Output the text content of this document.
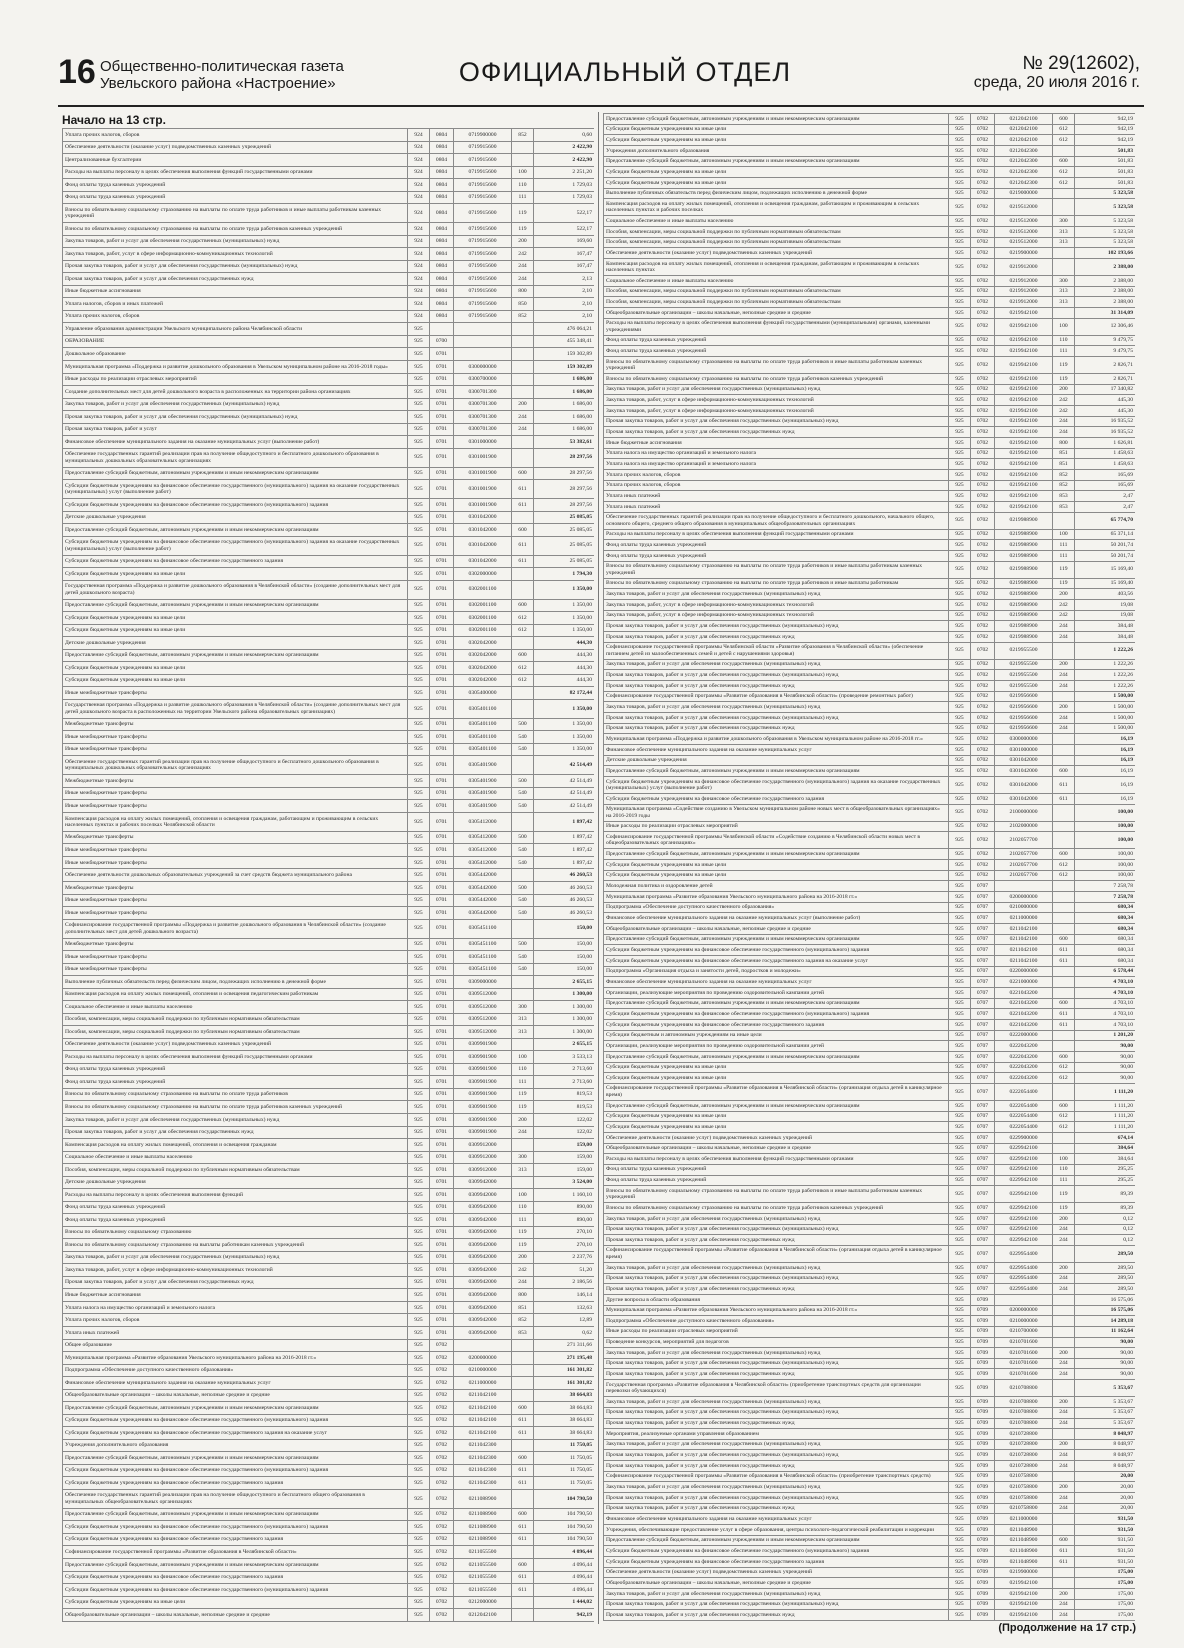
16 Общественно-политическая газета
Увельского района «Настроение»	ОФИЦИАЛЬНЫЙ ОТДЕЛ	№ 29(12602),
среда, 20 июля 2016 г.
Начало на 13 стр.
Уплата прочих налогов, сборов	924	0804	0719900000	852	0,60
Обеспечение деятельности (оказание услуг) подведомственных казенных учреждений	924	0804	0719915600		2 422,90
Централизованные бухгалтерии	924	0804	0719915600		2 422,90
Расходы на выплаты персоналу в целях обеспечения выполнения функций государственными органами	924	0804	0719915600	100	2 251,20
Фонд оплаты труда казенных учреждений	924	0804	0719915600	110	1 729,03
Фонд оплаты труда казенных учреждений	924	0804	0719915600	111	1 729,03
Взносы по обязательному социальному страхованию на выплаты по оплате труда работников и иные выплаты работникам казенных учреждений	924	0804	0719915600	119	522,17
Взносы по обязательному социальному страхованию на выплаты по оплате труда работников казенных учреждений	924	0804	0719915600	119	522,17
Закупка товаров, работ и услуг для обеспечения государственных (муниципальных) нужд	924	0804	0719915600	200	169,60
Закупка товаров, работ, услуг в сфере информационно-коммуникационных технологий	924	0804	0719915600	242	167,47
Прочая закупка товаров, работ и услуг для обеспечения государственных (муниципальных) нужд	924	0804	0719915600	244	167,47
Прочая закупка товаров, работ и услуг для обеспечения государственных нужд	924	0804	0719915600	244	2,13
Иные бюджетные ассигнования	924	0804	0719915600	800	2,10
Уплата налогов, сборов и иных платежей	924	0804	0719915600	850	2,10
Уплата прочих налогов, сборов	924	0804	0719915600	852	2,10
Управление образования администрации Увельского муниципального района Челябинской области	925				476 064,21
ОБРАЗОВАНИЕ	925	0700			455 348,41
Дошкольное образование	925	0701			159 302,89
Муниципальная программа «Поддержка и развитие дошкольного образования в Увельском муниципальном районе на 2016-2018 годы»	925	0701	0300000000		159 302,89
Иные расходы по реализации отраслевых мероприятий	925	0701	0300700000		1 686,00
Создание дополнительных мест для детей дошкольного возраста в расположенных на территории района организациях	925	0701	0300701300		1 686,00
Закупка товаров, работ и услуг для обеспечения государственных (муниципальных) нужд	925	0701	0300701300	200	1 686,00
Прочая закупка товаров, работ и услуг для обеспечения государственных (муниципальных) нужд	925	0701	0300701300	244	1 686,00
Прочая закупка товаров, работ и услуг	925	0701	0300701300	244	1 686,00
Финансовое обеспечение муниципального задания на оказание муниципальных услуг (выполнение работ)	925	0701	0301000000		53 382,61
Обеспечение государственных гарантий реализации прав на получение общедоступного и бесплатного дошкольного образования в муниципальных дошкольных образовательных организациях	925	0701	0301001900		28 297,56
Предоставление субсидий бюджетным, автономным учреждениям и иным некоммерческим организациям	925	0701	0301001900	600	28 297,56
Субсидии бюджетным учреждениям на финансовое обеспечение государственного (муниципального) задания на оказание государственных (муниципальных) услуг (выполнение работ)	925	0701	0301001900	611	28 297,56
Субсидии бюджетным учреждениям на финансовое обеспечение государственного (муниципального) задания	925	0701	0301001900	611	28 297,56
Детские дошкольные учреждения	925	0701	0301042000		25 085,05
Предоставление субсидий бюджетным, автономным учреждениям и иным некоммерческим организациям	925	0701	0301042000	600	25 085,05
Субсидии бюджетным учреждениям на финансовое обеспечение государственного (муниципального) задания на оказание государственных (муниципальных) услуг (выполнение работ)	925	0701	0301042000	611	25 085,05
Субсидии бюджетным учреждениям на финансовое обеспечение государственного задания	925	0701	0301042000	611	25 085,05
Субсидии бюджетным учреждениям на иные цели	925	0701	0302000000		1 794,30
Государственная программа «Поддержка и развитие дошкольного образования в Челябинской области» (создание дополнительных мест для детей дошкольного возраста)	925	0701	0302001100		1 350,00
Предоставление субсидий бюджетным, автономным учреждениям и иным некоммерческим организациям	925	0701	0302001100	600	1 350,00
Субсидии бюджетным учреждениям на иные цели	925	0701	0302001100	612	1 350,00
Субсидии бюджетным учреждениям на иные цели	925	0701	0302001100	612	1 350,00
Детские дошкольные учреждения	925	0701	0302042000		444,30
Предоставление субсидий бюджетным, автономным учреждениям и иным некоммерческим организациям	925	0701	0302042000	600	444,30
Субсидии бюджетным учреждениям на иные цели	925	0701	0302042000	612	444,30
Субсидии бюджетным учреждениям на иные цели	925	0701	0302042000	612	444,30
Иные межбюджетные трансферты	925	0701	0305400000		82 172,44
Государственная программа «Поддержка и развитие дошкольного образования в Челябинской области» (создание дополнительных мест для детей дошкольного возраста в расположенных на территории Увельского района образовательных организациях)	925	0701	0305401100		1 350,00
Межбюджетные трансферты	925	0701	0305401100	500	1 350,00
Иные межбюджетные трансферты	925	0701	0305401100	540	1 350,00
Иные межбюджетные трансферты	925	0701	0305401100	540	1 350,00
Обеспечение государственных гарантий реализации прав на получение общедоступного и бесплатного дошкольного образования в муниципальных дошкольных образовательных организациях	925	0701	0305401900		42 514,49
Межбюджетные трансферты	925	0701	0305401900	500	42 514,49
Иные межбюджетные трансферты	925	0701	0305401900	540	42 514,49
Иные межбюджетные трансферты	925	0701	0305401900	540	42 514,49
Компенсация расходов на оплату жилых помещений, отопления и освещения гражданам, работающим и проживающим в сельских населенных пунктах и рабочих поселках Челябинской области	925	0701	0305412000		1 897,42
Межбюджетные трансферты	925	0701	0305412000	500	1 897,42
Иные межбюджетные трансферты	925	0701	0305412000	540	1 897,42
Иные межбюджетные трансферты	925	0701	0305412000	540	1 897,42
Обеспечение деятельности дошкольных образовательных учреждений за счет средств бюджета муниципального района	925	0701	0305442000		46 260,53
Межбюджетные трансферты	925	0701	0305442000	500	46 260,53
Иные межбюджетные трансферты	925	0701	0305442000	540	46 260,53
Иные межбюджетные трансферты	925	0701	0305442000	540	46 260,53
Софинансирование государственной программы «Поддержка и развитие дошкольного образования в Челябинской области» (создание дополнительных мест для детей дошкольного возраста)	925	0701	0305451100		150,00
Межбюджетные трансферты	925	0701	0305451100	500	150,00
Иные межбюджетные трансферты	925	0701	0305451100	540	150,00
Иные межбюджетные трансферты	925	0701	0305451100	540	150,00
Выполнение публичных обязательств перед физическим лицом, подлежащих исполнению в денежной форме	925	0701	0309000000		2 655,15
Компенсация расходов на оплату жилых помещений, отопления и освещения педагогическим работникам	925	0701	0309512000		1 300,00
Социальное обеспечение и иные выплаты населению	925	0701	0309512000	300	1 300,00
Пособия, компенсации, меры социальной поддержки по публичным нормативным обязательствам	925	0701	0309512000	313	1 300,00
Пособия, компенсации, меры социальной поддержки по публичным нормативным обязательствам	925	0701	0309512000	313	1 300,00
Обеспечение деятельности (оказание услуг) подведомственных казенных учреждений	925	0701	0309901900		2 655,15
Расходы на выплаты персоналу в целях обеспечения выполнения функций государственными органами	925	0701	0309901900	100	3 533,13
Фонд оплаты труда казенных учреждений	925	0701	0309901900	110	2 713,60
Фонд оплаты труда казенных учреждений	925	0701	0309901900	111	2 713,60
Взносы по обязательному социальному страхованию на выплаты по оплате труда работников	925	0701	0309901900	119	819,53
Взносы по обязательному социальному страхованию на выплаты по оплате труда работников казенных учреждений	925	0701	0309901900	119	819,53
Закупка товаров, работ и услуг для обеспечения государственных (муниципальных) нужд	925	0701	0309901900	200	122,02
Прочая закупка товаров, работ и услуг для обеспечения государственных нужд	925	0701	0309901900	244	122,02
Компенсация расходов на оплату жилых помещений, отопления и освещения гражданам	925	0701	0309912000		159,00
Социальное обеспечение и иные выплаты населению	925	0701	0309912000	300	159,00
Пособия, компенсации, меры социальной поддержки по публичным нормативным обязательствам	925	0701	0309912000	313	159,00
Детские дошкольные учреждения	925	0701	0309942000		3 524,00
Расходы на выплаты персоналу в целях обеспечения выполнения функций	925	0701	0309942000	100	1 160,10
Фонд оплаты труда казенных учреждений	925	0701	0309942000	110	890,00
Фонд оплаты труда казенных учреждений	925	0701	0309942000	111	890,00
Взносы по обязательному социальному страхованию	925	0701	0309942000	119	270,10
Взносы по обязательному социальному страхованию на выплаты работникам казенных учреждений	925	0701	0309942000	119	270,10
Закупка товаров, работ и услуг для обеспечения государственных (муниципальных) нужд	925	0701	0309942000	200	2 237,76
Закупка товаров, работ, услуг в сфере информационно-коммуникационных технологий	925	0701	0309942000	242	51,20
Прочая закупка товаров, работ и услуг для обеспечения государственных нужд	925	0701	0309942000	244	2 186,56
Иные бюджетные ассигнования	925	0701	0309942000	800	146,14
Уплата налога на имущество организаций и земельного налога	925	0701	0309942000	851	132,63
Уплата прочих налогов, сборов	925	0701	0309942000	852	12,89
Уплата иных платежей	925	0701	0309942000	853	0,62
Общее образование	925	0702			271 311,66
Муниципальная программа «Развитие образования Увельского муниципального района на 2016-2018 гг.»	925	0702	0200000000		271 195,48
Подпрограмма «Обеспечение доступного качественного образования»	925	0702	0210000000		161 301,82
Финансовое обеспечение муниципального задания на оказание муниципальных услуг	925	0702	0211000000		161 301,82
Общеобразовательные организации – школы начальные, неполные средние и средние	925	0702	0211042100		38 664,83
Предоставление субсидий бюджетным, автономным учреждениям и иным некоммерческим организациям	925	0702	0211042100	600	38 664,83
Субсидии бюджетным учреждениям на финансовое обеспечение государственного (муниципального) задания	925	0702	0211042100	611	38 664,83
Субсидии бюджетным учреждениям на финансовое обеспечение государственного задания на оказание услуг	925	0702	0211042100	611	38 664,83
Учреждения дополнительного образования	925	0702	0211042300		11 750,05
Предоставление субсидий бюджетным, автономным учреждениям и иным некоммерческим организациям	925	0702	0211042300	600	11 750,05
Субсидии бюджетным учреждениям на финансовое обеспечение государственного (муниципального) задания	925	0702	0211042300	611	11 750,05
Субсидии бюджетным учреждениям на финансовое обеспечение государственного задания	925	0702	0211042300	611	11 750,05
Обеспечение государственных гарантий реализации прав на получение общедоступного и бесплатного общего образования в муниципальных общеобразовательных организациях	925	0702	0211088900		104 790,50
Предоставление субсидий бюджетным, автономным учреждениям и иным некоммерческим организациям	925	0702	0211088900	600	104 790,50
Субсидии бюджетным учреждениям на финансовое обеспечение государственного (муниципального) задания	925	0702	0211088900	611	104 790,50
Субсидии бюджетным учреждениям на финансовое обеспечение государственного задания	925	0702	0211088900	611	104 790,50
Софинансирование государственной программы «Развитие образования в Челябинской области»	925	0702	0211055500		4 096,44
Предоставление субсидий бюджетным, автономным учреждениям и иным некоммерческим организациям	925	0702	0211055500	600	4 096,44
Субсидии бюджетным учреждениям на финансовое обеспечение государственного задания	925	0702	0211055500	611	4 096,44
Субсидии бюджетным учреждениям на финансовое обеспечение государственного (муниципального) задания	925	0702	0211055500	611	4 096,44
Субсидии бюджетным учреждениям на иные цели	925	0702	0212000000		1 444,02
Общеобразовательные организации – школы начальные, неполные средние и средние	925	0702	0212042100		942,19
Предоставление субсидий бюджетным, автономным учреждениям и иным некоммерческим организациям	925	0702	0212042100	600	942,19
Субсидии бюджетным учреждениям на иные цели	925	0702	0212042100	612	942,19
Субсидии бюджетным учреждениям на иные цели	925	0702	0212042100	612	942,19
Учреждения дополнительного образования	925	0702	0212042300		501,83
Предоставление субсидий бюджетным, автономным учреждениям и иным некоммерческим организациям	925	0702	0212042300	600	501,83
Субсидии бюджетным учреждениям на иные цели	925	0702	0212042300	612	501,83
Субсидии бюджетным учреждениям на иные цели	925	0702	0212042300	612	501,83
Выполнение публичных обязательств перед физическим лицом, подлежащих исполнению в денежной форме	925	0702	0219000000		5 323,58
Компенсация расходов на оплату жилых помещений, отопления и освещения гражданам, работающим и проживающим в сельских населенных пунктах и рабочих поселках	925	0702	0219512000		5 323,58
Социальное обеспечение и иные выплаты населению	925	0702	0219512000	300	5 323,58
Пособия, компенсации, меры социальной поддержки по публичным нормативным обязательствам	925	0702	0219512000	313	5 323,58
Пособия, компенсации, меры социальной поддержки по публичным нормативным обязательствам	925	0702	0219512000	313	5 323,58
Обеспечение деятельности (оказание услуг) подведомственных казенных учреждений	925	0702	0219900000		102 193,66
Компенсация расходов на оплату жилых помещений, отопления и освещения гражданам, работающим и проживающим в сельских населенных пунктах	925	0702	0219912000		2 388,00
Социальное обеспечение и иные выплаты населению	925	0702	0219912000	300	2 388,00
Пособия, компенсации, меры социальной поддержки по публичным нормативным обязательствам	925	0702	0219912000	313	2 388,00
Пособия, компенсации, меры социальной поддержки по публичным нормативным обязательствам	925	0702	0219912000	313	2 388,00
Общеобразовательные организации – школы начальные, неполные средние и средние	925	0702	0219942100		31 314,09
Расходы на выплаты персоналу в целях обеспечения выполнения функций государственными (муниципальными) органами, казенными учреждениями	925	0702	0219942100	100	12 306,46
Фонд оплаты труда казенных учреждений	925	0702	0219942100	110	9 479,75
Фонд оплаты труда казенных учреждений	925	0702	0219942100	111	9 479,75
Взносы по обязательному социальному страхованию на выплаты по оплате труда работников и иные выплаты работникам казенных учреждений	925	0702	0219942100	119	2 826,71
Взносы по обязательному социальному страхованию на выплаты по оплате труда работников казенных учреждений	925	0702	0219942100	119	2 826,71
Закупка товаров, работ и услуг для обеспечения государственных (муниципальных) нужд	925	0702	0219942100	200	17 340,82
Закупка товаров, работ, услуг в сфере информационно-коммуникационных технологий	925	0702	0219942100	242	445,30
Закупка товаров, работ, услуг в сфере информационно-коммуникационных технологий	925	0702	0219942100	242	445,30
Прочая закупка товаров, работ и услуг для обеспечения государственных (муниципальных) нужд	925	0702	0219942100	244	16 935,52
Прочая закупка товаров, работ и услуг для обеспечения государственных нужд	925	0702	0219942100	244	16 935,52
Иные бюджетные ассигнования	925	0702	0219942100	800	1 626,81
Уплата налога на имущество организаций и земельного налога	925	0702	0219942100	851	1 458,63
Уплата налога на имущество организаций и земельного налога	925	0702	0219942100	851	1 458,63
Уплата прочих налогов, сборов	925	0702	0219942100	852	165,69
Уплата прочих налогов, сборов	925	0702	0219942100	852	165,69
Уплата иных платежей	925	0702	0219942100	853	2,47
Уплата иных платежей	925	0702	0219942100	853	2,47
Обеспечение государственных гарантий реализации прав на получение общедоступного и бесплатного дошкольного, начального общего, основного общего, среднего общего образования в муниципальных общеобразовательных организациях	925	0702	0219988900		65 774,70
Расходы на выплаты персоналу в целях обеспечения выполнения функций государственными органами	925	0702	0219988900	100	65 371,14
Фонд оплаты труда казенных учреждений	925	0702	0219988900	111	50 201,74
Фонд оплаты труда казенных учреждений	925	0702	0219988900	111	50 201,74
Взносы по обязательному социальному страхованию на выплаты по оплате труда работников и иные выплаты работникам казенных учреждений	925	0702	0219988900	119	15 169,40
Взносы по обязательному социальному страхованию на выплаты по оплате труда работников и иные выплаты работникам	925	0702	0219988900	119	15 169,40
Закупка товаров, работ и услуг для обеспечения государственных (муниципальных) нужд	925	0702	0219988900	200	403,56
Закупка товаров, работ, услуг в сфере информационно-коммуникационных технологий	925	0702	0219988900	242	19,08
Закупка товаров, работ, услуг в сфере информационно-коммуникационных технологий	925	0702	0219988900	242	19,08
Прочая закупка товаров, работ и услуг для обеспечения государственных (муниципальных) нужд	925	0702	0219988900	244	384,48
Прочая закупка товаров, работ и услуг для обеспечения государственных нужд	925	0702	0219988900	244	384,48
Софинансирование государственной программы Челябинской области «Развитие образования в Челябинской области» (обеспечение питанием детей из малообеспеченных семей и детей с нарушениями здоровья)	925	0702	0219955500		1 222,26
Закупка товаров, работ и услуг для обеспечения государственных (муниципальных) нужд	925	0702	0219955500	200	1 222,26
Прочая закупка товаров, работ и услуг для обеспечения государственных (муниципальных) нужд	925	0702	0219955500	244	1 222,26
Прочая закупка товаров, работ и услуг для обеспечения государственных нужд	925	0702	0219955500	244	1 222,26
Софинансирование государственной программы «Развитие образования в Челябинской области» (проведение ремонтных работ)	925	0702	0219956600		1 500,00
Закупка товаров, работ и услуг для обеспечения государственных (муниципальных) нужд	925	0702	0219956600	200	1 500,00
Прочая закупка товаров, работ и услуг для обеспечения государственных (муниципальных) нужд	925	0702	0219956600	244	1 500,00
Прочая закупка товаров, работ и услуг для обеспечения государственных нужд	925	0702	0219956600	244	1 500,00
Муниципальная программа «Поддержка и развитие дошкольного образования в Увельском муниципальном районе на 2016-2018 гг.»	925	0702	0300000000		16,19
Финансовое обеспечение муниципального задания на оказание муниципальных услуг	925	0702	0301000000		16,19
Детские дошкольные учреждения	925	0702	0301042000		16,19
Предоставление субсидий бюджетным, автономным учреждениям и иным некоммерческим организациям	925	0702	0301042000	600	16,19
Субсидии бюджетным учреждениям на финансовое обеспечение государственного (муниципального) задания на оказание государственных (муниципальных) услуг (выполнение работ)	925	0702	0301042000	611	16,19
Субсидии бюджетным учреждениям на финансовое обеспечение государственного задания	925	0702	0301042000	611	16,19
Муниципальная программа «Содействие созданию в Увельском муниципальном районе новых мест в общеобразовательных организациях» на 2016-2019 годы	925	0702	2100000000		100,00
Иные расходы по реализации отраслевых мероприятий	925	0702	2102000000		100,00
Софинансирование государственной программы Челябинской области «Содействие созданию в Челябинской области новых мест в общеобразовательных организациях»	925	0702	2102057700		100,00
Предоставление субсидий бюджетным, автономным учреждениям и иным некоммерческим организациям	925	0702	2102057700	600	100,00
Субсидии бюджетным учреждениям на иные цели	925	0702	2102057700	612	100,00
Субсидии бюджетным учреждениям на иные цели	925	0702	2102057700	612	100,00
Молодежная политика и оздоровление детей	925	0707			7 258,78
Муниципальная программа «Развитие образования Увельского муниципального района на 2016-2018 гг.»	925	0707	0200000000		7 258,78
Подпрограмма «Обеспечение доступного качественного образования»	925	0707	0210000000		680,34
Финансовое обеспечение муниципального задания на оказание муниципальных услуг (выполнение работ)	925	0707	0211000000		680,34
Общеобразовательные организации – школы начальные, неполные средние и средние	925	0707	0211042100		680,34
Предоставление субсидий бюджетным, автономным учреждениям и иным некоммерческим организациям	925	0707	0211042100	600	680,34
Субсидии бюджетным учреждениям на финансовое обеспечение государственного (муниципального) задания	925	0707	0211042100	611	680,34
Субсидии бюджетным учреждениям на финансовое обеспечение государственного задания на оказание услуг	925	0707	0211042100	611	680,34
Подпрограмма «Организация отдыха и занятости детей, подростков и молодежи»	925	0707	0220000000		6 578,44
Финансовое обеспечение муниципального задания на оказание муниципальных услуг	925	0707	0221000000		4 703,10
Организации, реализующие мероприятия по проведению оздоровительной кампании детей	925	0707	0221043200		4 703,10
Предоставление субсидий бюджетным, автономным учреждениям и иным некоммерческим организациям	925	0707	0221043200	600	4 703,10
Субсидии бюджетным учреждениям на финансовое обеспечение государственного (муниципального) задания	925	0707	0221043200	611	4 703,10
Субсидии бюджетным учреждениям на финансовое обеспечение государственного задания	925	0707	0221043200	611	4 703,10
Субсидии бюджетным и автономным учреждениям на иные цели	925	0707	0222000000		1 201,20
Организации, реализующие мероприятия по проведению оздоровительной кампании детей	925	0707	0222043200		90,00
Предоставление субсидий бюджетным, автономным учреждениям и иным некоммерческим организациям	925	0707	0222043200	600	90,00
Субсидии бюджетным учреждениям на иные цели	925	0707	0222043200	612	90,00
Субсидии бюджетным учреждениям на иные цели	925	0707	0222043200	612	90,00
Софинансирование государственной программы «Развитие образования в Челябинской области» (организация отдыха детей в каникулярное время)	925	0707	0222054400		1 111,20
Предоставление субсидий бюджетным, автономным учреждениям и иным некоммерческим организациям	925	0707	0222054400	600	1 111,20
Субсидии бюджетным учреждениям на иные цели	925	0707	0222054400	612	1 111,20
Субсидии бюджетным учреждениям на иные цели	925	0707	0222054400	612	1 111,20
Обеспечение деятельности (оказание услуг) подведомственных казенных учреждений	925	0707	0229900000		674,14
Общеобразовательные организации – школы начальные, неполные средние и средние	925	0707	0229942100		384,64
Расходы на выплаты персоналу в целях обеспечения выполнения функций государственными органами	925	0707	0229942100	100	384,64
Фонд оплаты труда казенных учреждений	925	0707	0229942100	110	295,25
Фонд оплаты труда казенных учреждений	925	0707	0229942100	111	295,25
Взносы по обязательному социальному страхованию на выплаты по оплате труда работников и иные выплаты работникам казенных учреждений	925	0707	0229942100	119	89,39
Взносы по обязательному социальному страхованию на выплаты по оплате труда работников казенных учреждений	925	0707	0229942100	119	89,39
Закупка товаров, работ и услуг для обеспечения государственных (муниципальных) нужд	925	0707	0229942100	200	0,12
Прочая закупка товаров, работ и услуг для обеспечения государственных (муниципальных) нужд	925	0707	0229942100	244	0,12
Прочая закупка товаров, работ и услуг для обеспечения государственных нужд	925	0707	0229942100	244	0,12
Софинансирование государственной программы «Развитие образования в Челябинской области» (организация отдыха детей в каникулярное время)	925	0707	0229954400		289,50
Закупка товаров, работ и услуг для обеспечения государственных (муниципальных) нужд	925	0707	0229954400	200	289,50
Прочая закупка товаров, работ и услуг для обеспечения государственных (муниципальных) нужд	925	0707	0229954400	244	289,50
Прочая закупка товаров, работ и услуг для обеспечения государственных нужд	925	0707	0229954400	244	289,50
Другие вопросы в области образования	925	0709			16 575,06
Муниципальная программа «Развитие образования Увельского муниципального района на 2016-2018 гг.»	925	0709	0200000000		16 575,06
Подпрограмма «Обеспечение доступного качественного образования»	925	0709	0210000000		14 289,18
Иные расходы по реализации отраслевых мероприятий	925	0709	0210700000		11 162,64
Проведение конкурсов, мероприятий для педагогов	925	0709	0210701600		90,00
Закупка товаров, работ и услуг для обеспечения государственных (муниципальных) нужд	925	0709	0210701600	200	90,00
Прочая закупка товаров, работ и услуг для обеспечения государственных (муниципальных) нужд	925	0709	0210701600	244	90,00
Прочая закупка товаров, работ и услуг для обеспечения государственных нужд	925	0709	0210701600	244	90,00
Государственная программа «Развитие образования в Челябинской области» (приобретение транспортных средств для организации перевозки обучающихся)	925	0709	0210708800		5 353,67
Закупка товаров, работ и услуг для обеспечения государственных (муниципальных) нужд	925	0709	0210708800	200	5 353,67
Прочая закупка товаров, работ и услуг для обеспечения государственных (муниципальных) нужд	925	0709	0210708800	244	5 353,67
Прочая закупка товаров, работ и услуг для обеспечения государственных нужд	925	0709	0210708800	244	5 353,67
Мероприятия, реализуемые органами управления образованием	925	0709	0210728800		8 048,97
Закупка товаров, работ и услуг для обеспечения государственных (муниципальных) нужд	925	0709	0210728800	200	8 048,97
Прочая закупка товаров, работ и услуг для обеспечения государственных (муниципальных) нужд	925	0709	0210728800	244	8 048,97
Прочая закупка товаров, работ и услуг для обеспечения государственных нужд	925	0709	0210728800	244	8 048,97
Софинансирование государственной программы «Развитие образования в Челябинской области» (приобретение транспортных средств)	925	0709	0210758800		20,00
Закупка товаров, работ и услуг для обеспечения государственных (муниципальных) нужд	925	0709	0210758800	200	20,00
Прочая закупка товаров, работ и услуг для обеспечения государственных (муниципальных) нужд	925	0709	0210758800	244	20,00
Прочая закупка товаров, работ и услуг для обеспечения государственных нужд	925	0709	0210758800	244	20,00
Финансовое обеспечение муниципального задания на оказание муниципальных услуг	925	0709	0211000000		931,50
Учреждения, обеспечивающие предоставление услуг в сфере образования, центры психолого-педагогической реабилитации и коррекции	925	0709	0211048900		931,50
Предоставление субсидий бюджетным, автономным учреждениям и иным некоммерческим организациям	925	0709	0211048900	600	931,50
Субсидии бюджетным учреждениям на финансовое обеспечение государственного (муниципального) задания	925	0709	0211048900	611	931,50
Субсидии бюджетным учреждениям на финансовое обеспечение государственного задания	925	0709	0211048900	611	931,50
Обеспечение деятельности (оказание услуг) подведомственных казенных учреждений	925	0709	0219900000		175,00
Общеобразовательные организации – школы начальные, неполные средние и средние	925	0709	0219942100		175,00
Закупка товаров, работ и услуг для обеспечения государственных (муниципальных) нужд	925	0709	0219942100	200	175,00
Прочая закупка товаров, работ и услуг для обеспечения государственных (муниципальных) нужд	925	0709	0219942100	244	175,00
Прочая закупка товаров, работ и услуг для обеспечения государственных нужд	925	0709	0219942100	244	175,00
(Продолжение на 17 стр.)
